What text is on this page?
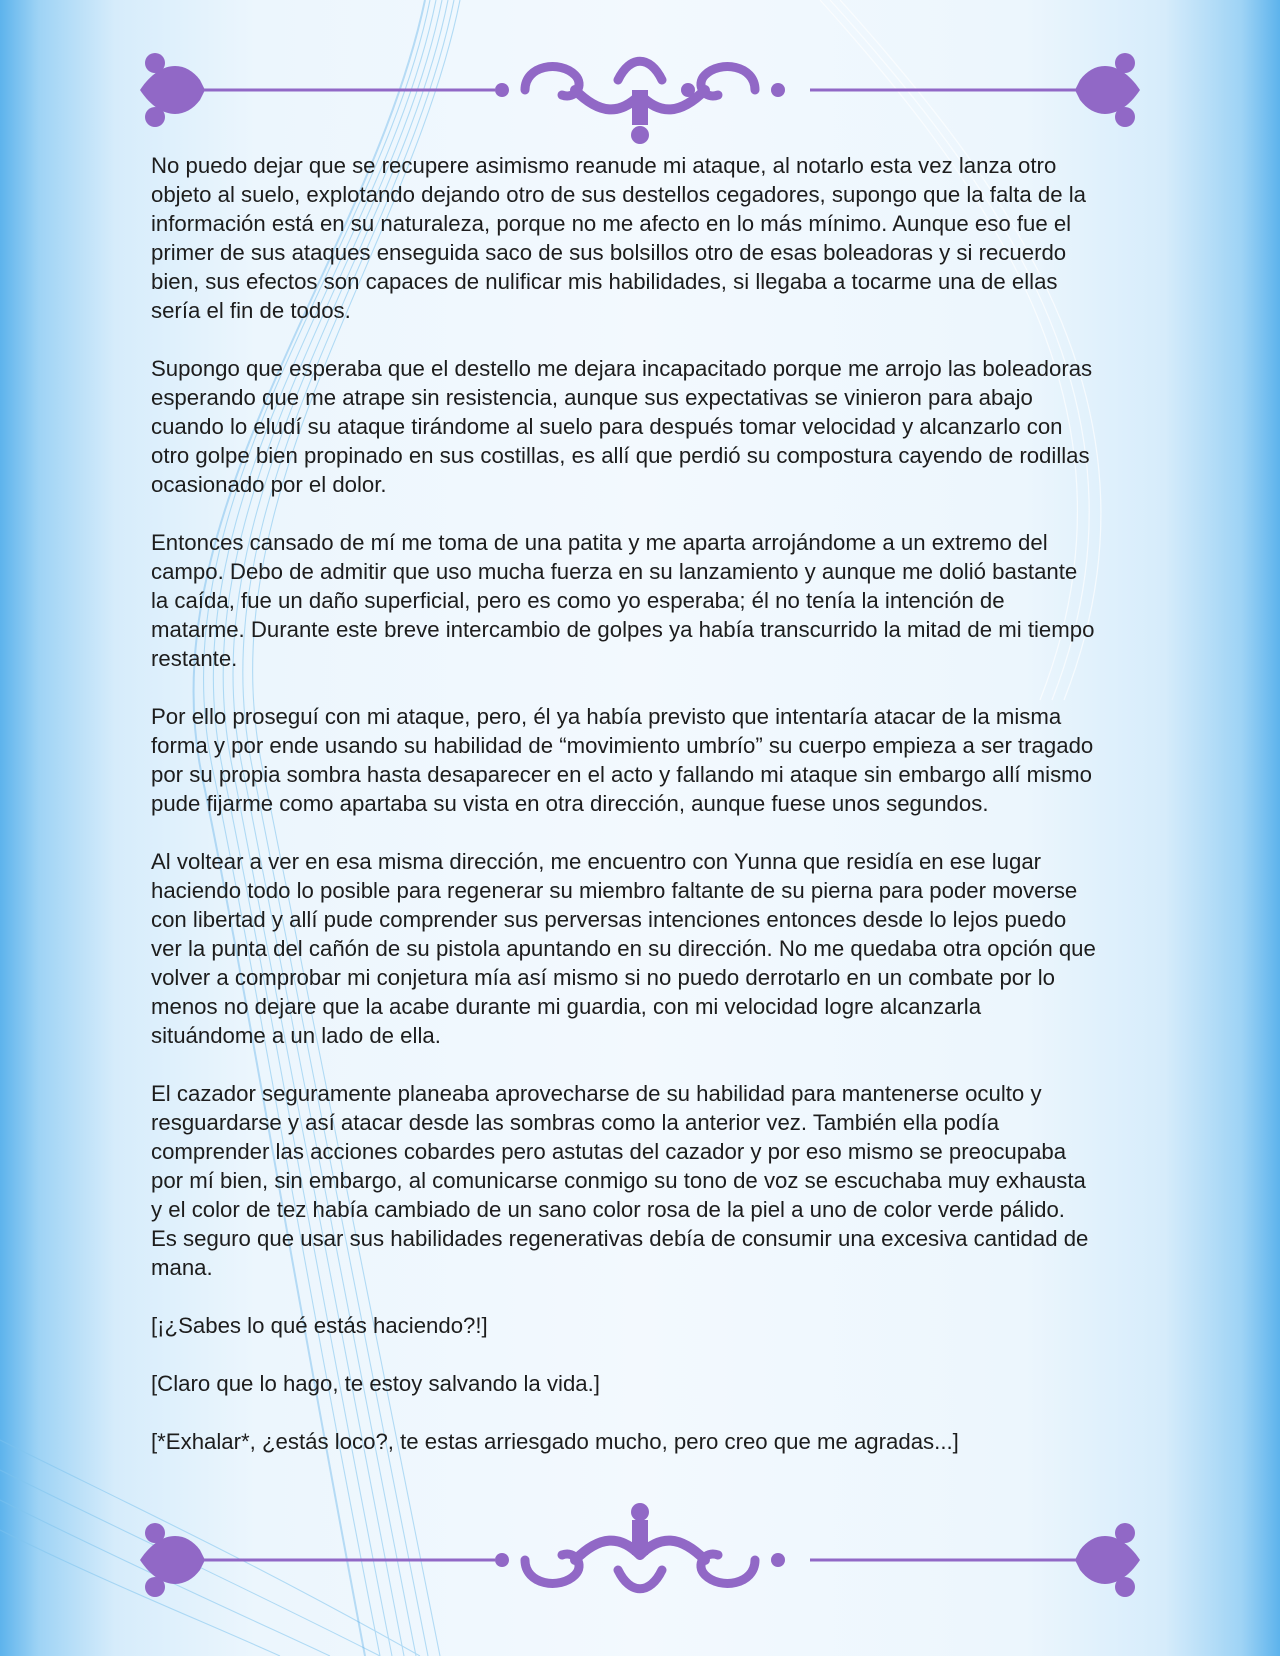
No puedo dejar que se recupere asimismo reanude mi ataque, al notarlo esta vez lanza otro objeto al suelo, explotando dejando otro de sus destellos cegadores, supongo que la falta de la información está en su naturaleza, porque no me afecto en lo más mínimo. Aunque eso fue el primer de sus ataques enseguida saco de sus bolsillos otro de esas boleadoras y si recuerdo bien, sus efectos son capaces de nulificar mis habilidades, si llegaba a tocarme una de ellas sería el fin de todos.

Supongo que esperaba que el destello me dejara incapacitado porque me arrojo las boleadoras esperando que me atrape sin resistencia, aunque sus expectativas se vinieron para abajo cuando lo eludí su ataque tirándome al suelo para después tomar velocidad y alcanzarlo con otro golpe bien propinado en sus costillas, es allí que perdió su compostura cayendo de rodillas ocasionado por el dolor.

Entonces cansado de mí me toma de una patita y me aparta arrojándome a un extremo del campo. Debo de admitir que uso mucha fuerza en su lanzamiento y aunque me dolió bastante la caída, fue un daño superficial, pero es como yo esperaba; él no tenía la intención de matarme. Durante este breve intercambio de golpes ya había transcurrido la mitad de mi tiempo restante.

Por ello proseguí con mi ataque, pero, él ya había previsto que intentaría atacar de la misma forma y por ende usando su habilidad de “movimiento umbrío” su cuerpo empieza a ser tragado por su propia sombra hasta desaparecer en el acto y fallando mi ataque sin embargo allí mismo pude fijarme como apartaba su vista en otra dirección, aunque fuese unos segundos.

Al voltear a ver en esa misma dirección, me encuentro con Yunna que residía en ese lugar haciendo todo lo posible para regenerar su miembro faltante de su pierna para poder moverse con libertad y allí pude comprender sus perversas intenciones entonces desde lo lejos puedo ver la punta del cañón de su pistola apuntando en su dirección. No me quedaba otra opción que volver a comprobar mi conjetura mía así mismo si no puedo derrotarlo en un combate por lo menos no dejare que la acabe durante mi guardia, con mi velocidad logre alcanzarla situándome a un lado de ella.

El cazador seguramente planeaba aprovecharse de su habilidad para mantenerse oculto y resguardarse y así atacar desde las sombras como la anterior vez. También ella podía comprender las acciones cobardes pero astutas del cazador y por eso mismo se preocupaba por mí bien, sin embargo, al comunicarse conmigo su tono de voz se escuchaba muy exhausta y el color de tez había cambiado de un sano color rosa de la piel a uno de color verde pálido. Es seguro que usar sus habilidades regenerativas debía de consumir una excesiva cantidad de mana.

[¡¿Sabes lo qué estás haciendo?!]

[Claro que lo hago, te estoy salvando la vida.]

[*Exhalar*, ¿estás loco?, te estas arriesgado mucho, pero creo que me agradas...]
